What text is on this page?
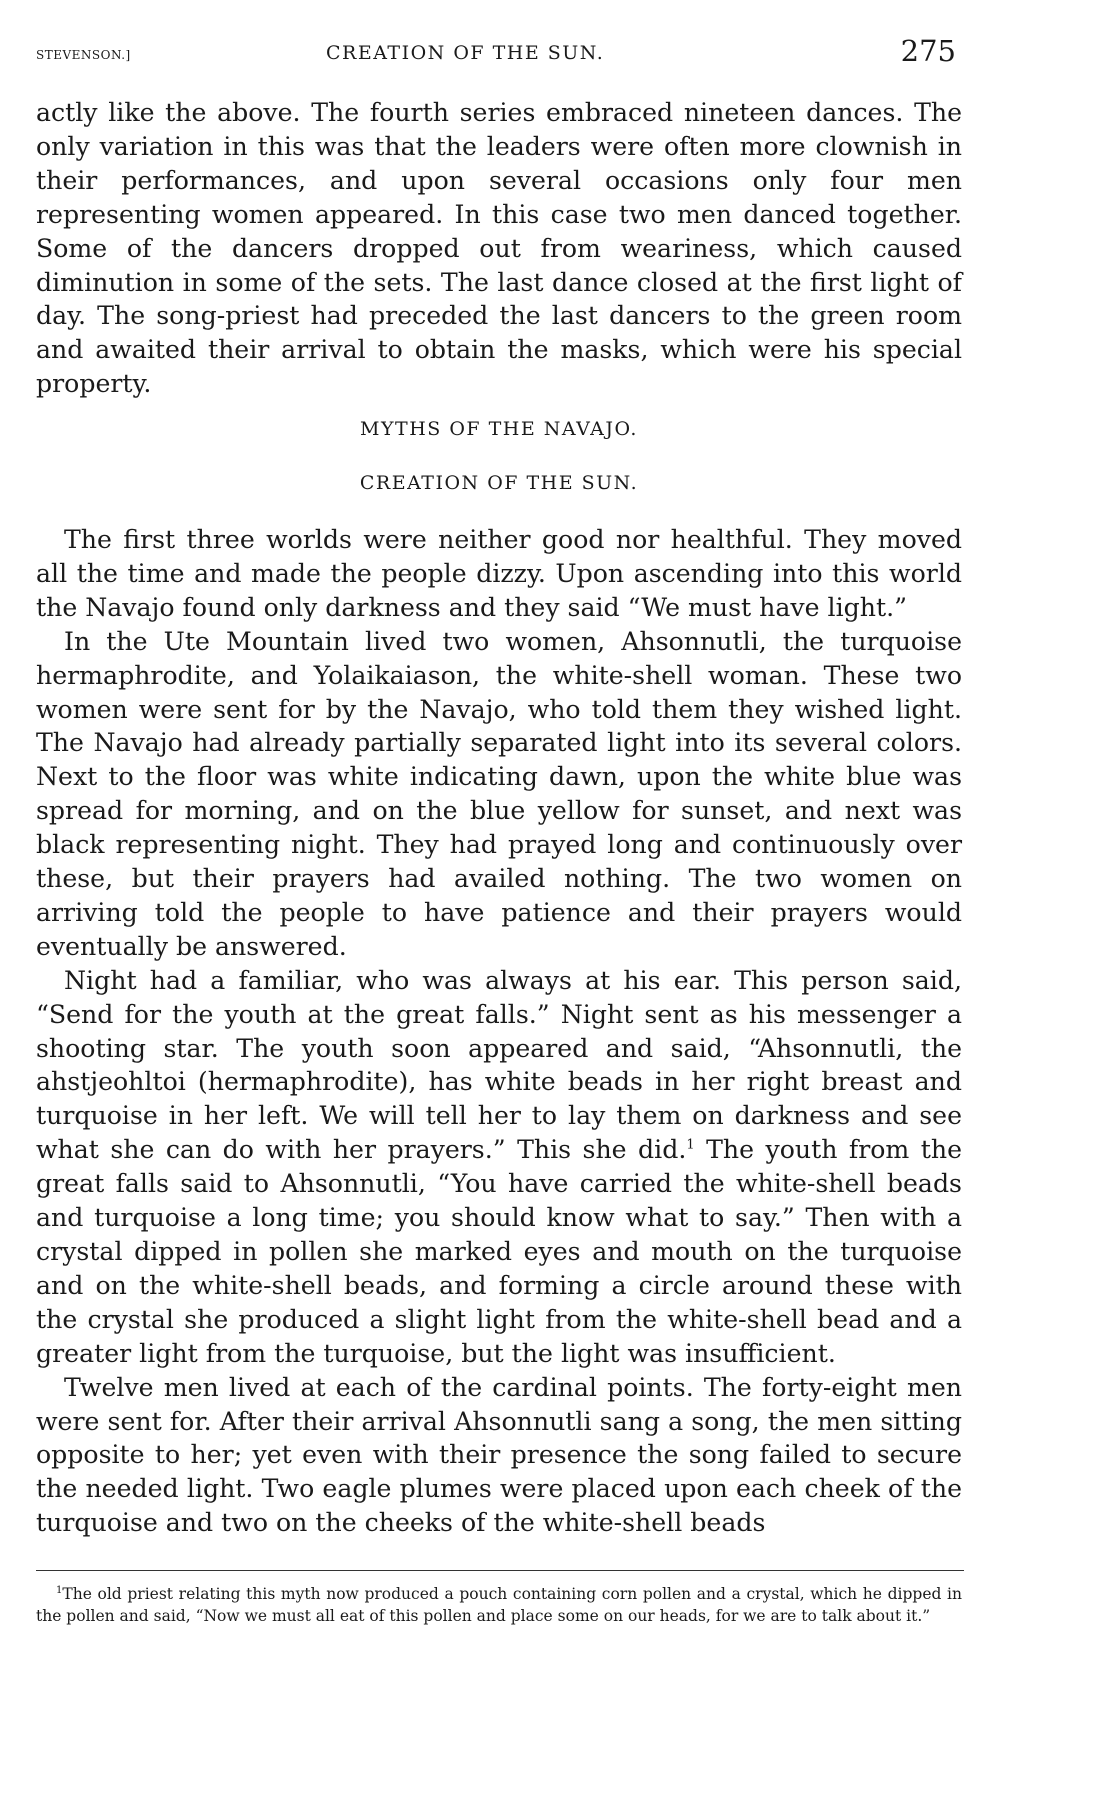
STEVENSON.]	CREATION OF THE SUN.	275

actly like the above. The fourth series embraced nineteen dances. The only variation in this was that the leaders were often more clownish in their performances, and upon several occasions only four men representing women appeared. In this case two men danced together. Some of the dancers dropped out from weariness, which caused diminution in some of the sets. The last dance closed at the first light of day. The song-priest had preceded the last dancers to the green room and awaited their arrival to obtain the masks, which were his special property.

MYTHS OF THE NAVAJO.

CREATION OF THE SUN.

The first three worlds were neither good nor healthful. They moved all the time and made the people dizzy. Upon ascending into this world the Navajo found only darkness and they said “We must have light.”

In the Ute Mountain lived two women, Ahsonnutli, the turquoise hermaphrodite, and Yolaikaiason, the white-shell woman. These two women were sent for by the Navajo, who told them they wished light. The Navajo had already partially separated light into its several colors. Next to the floor was white indicating dawn, upon the white blue was spread for morning, and on the blue yellow for sunset, and next was black representing night. They had prayed long and continuously over these, but their prayers had availed nothing. The two women on arriving told the people to have patience and their prayers would eventually be answered.

Night had a familiar, who was always at his ear. This person said, “Send for the youth at the great falls.” Night sent as his messenger a shooting star. The youth soon appeared and said, “Ahsonnutli, the ahstjeohltoi (hermaphrodite), has white beads in her right breast and turquoise in her left. We will tell her to lay them on darkness and see what she can do with her prayers.” This she did.$^1$ The youth from the great falls said to Ahsonnutli, “You have carried the white-shell beads and turquoise a long time; you should know what to say.” Then with a crystal dipped in pollen she marked eyes and mouth on the turquoise and on the white-shell beads, and forming a circle around these with the crystal she produced a slight light from the white-shell bead and a greater light from the turquoise, but the light was insufficient.

Twelve men lived at each of the cardinal points. The forty-eight men were sent for. After their arrival Ahsonnutli sang a song, the men sitting opposite to her; yet even with their presence the song failed to secure the needed light. Two eagle plumes were placed upon each cheek of the turquoise and two on the cheeks of the white-shell beads

$^1$The old priest relating this myth now produced a pouch containing corn pollen and a crystal, which he dipped in the pollen and said, “Now we must all eat of this pollen and place some on our heads, for we are to talk about it.”
